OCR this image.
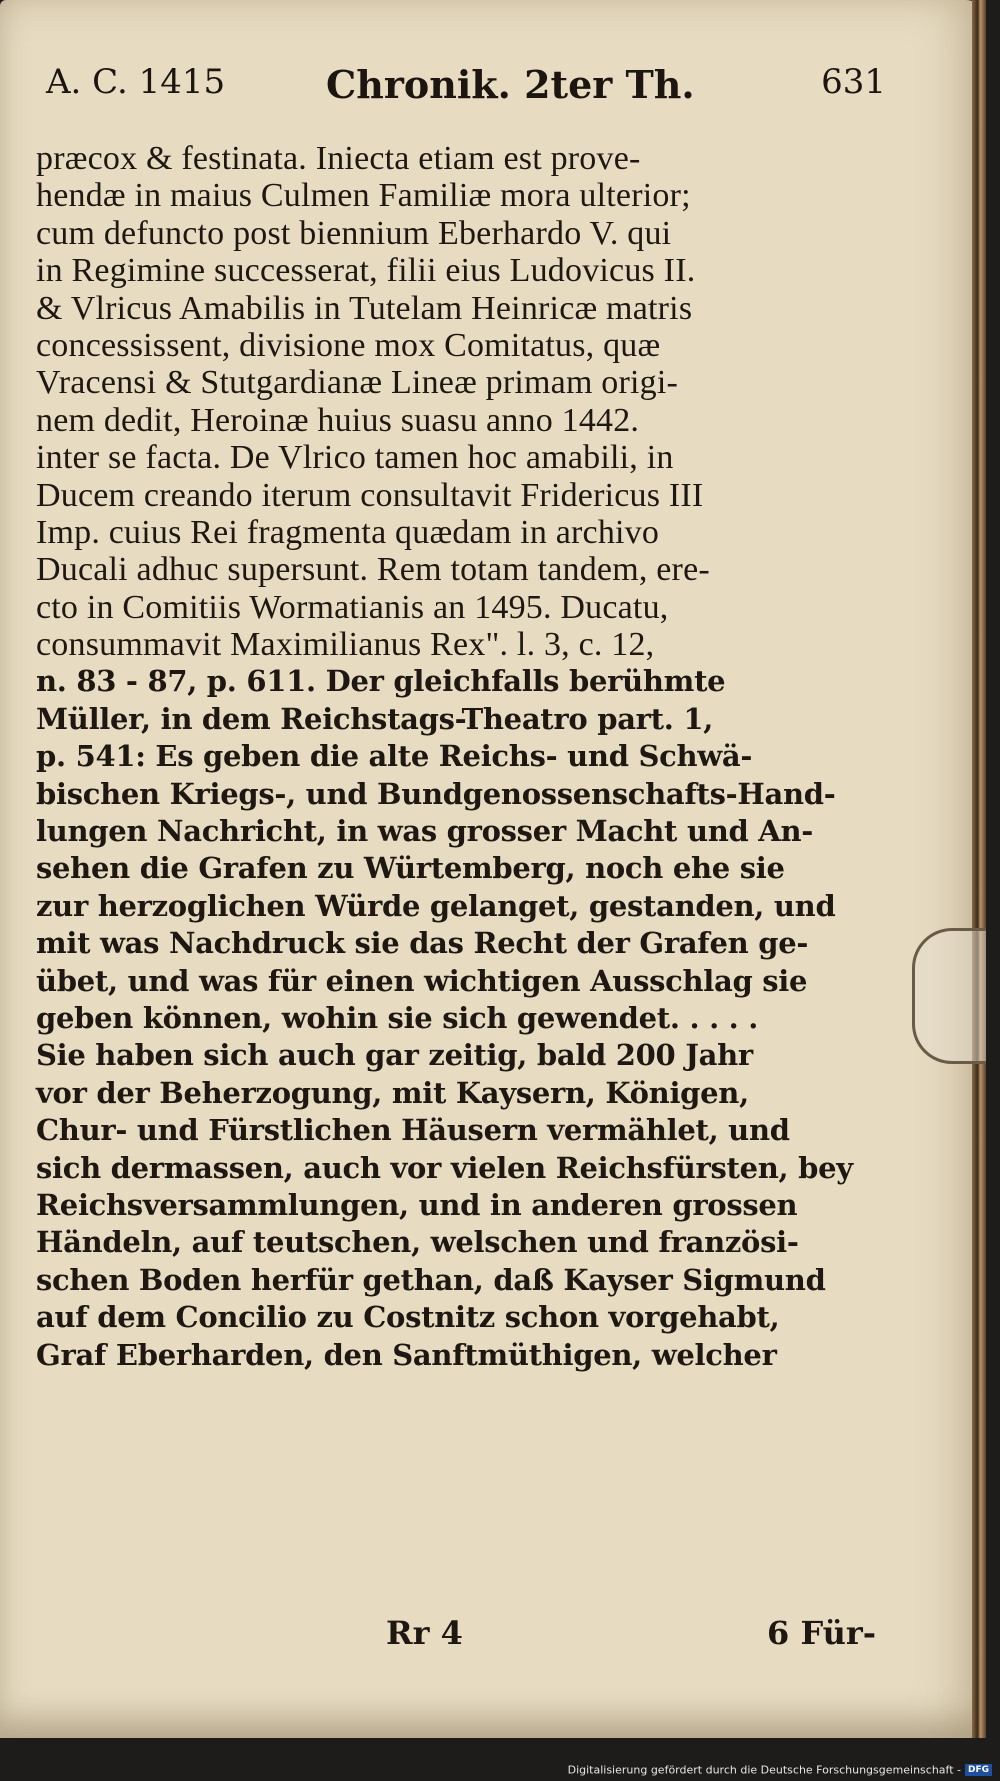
A. C. 1415	Chronik. 2ter Th.	631
præcox & festinata. Iniecta etiam est prove-
hendæ in maius Culmen Familiæ mora ulterior;
cum defuncto post biennium Eberhardo V. qui
in Regimine successerat, filii eius Ludovicus II.
& Vlricus Amabilis in Tutelam Heinricæ matris
concessissent, divisione mox Comitatus, quæ
Vracensi & Stutgardianæ Lineæ primam origi-
nem dedit, Heroinæ huius suasu anno 1442.
inter se facta. De Vlrico tamen hoc amabili, in
Ducem creando iterum consultavit Fridericus III
Imp. cuius Rei fragmenta quædam in archivo
Ducali adhuc supersunt. Rem totam tandem, ere-
cto in Comitiis Wormatianis an 1495. Ducatu,
consummavit Maximilianus Rex". l. 3, c. 12,
n. 83 - 87, p. 611. Der gleichfalls berühmte
Müller, in dem Reichstags-Theatro part. 1,
p. 541: Es geben die alte Reichs- und Schwä-
bischen Kriegs-, und Bundgenossenschafts-Hand-
lungen Nachricht, in was grosser Macht und An-
sehen die Grafen zu Würtemberg, noch ehe sie
zur herzoglichen Würde gelanget, gestanden, und
mit was Nachdruck sie das Recht der Grafen ge-
übet, und was für einen wichtigen Ausschlag sie
geben können, wohin sie sich gewendet. . . . .
Sie haben sich auch gar zeitig, bald 200 Jahr
vor der Beherzogung, mit Kaysern, Königen,
Chur- und Fürstlichen Häusern vermählet, und
sich dermassen, auch vor vielen Reichsfürsten, bey
Reichsversammlungen, und in anderen grossen
Händeln, auf teutschen, welschen und französi-
schen Boden herfür gethan, daß Kayser Sigmund
auf dem Concilio zu Costnitz schon vorgehabt,
Graf Eberharden, den Sanftmüthigen, welcher
Rr 4	6 Für-
Digitalisierung gefördert durch die Deutsche Forschungsgemeinschaft - DFG
